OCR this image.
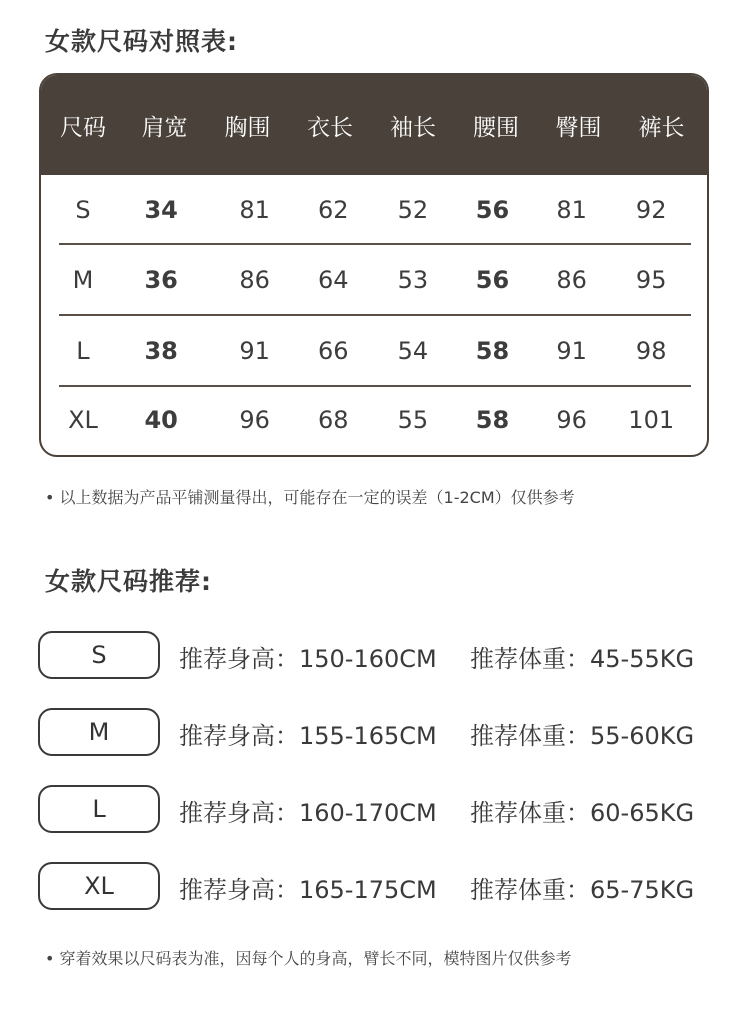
女款尺码对照表:
尺码	肩宽	胸围	衣长	袖长	腰围	臀围	裤长
S	34	81	62	52	56	81	92
M	36	86	64	53	56	86	95
L	38	91	66	54	58	91	98
XL	40	96	68	55	58	96	101
• 以上数据为产品平铺测量得出，可能存在一定的误差（1-2CM）仅供参考
女款尺码推荐:
S	推荐身高：150-160CM 推荐体重：45-55KG
M	推荐身高：155-165CM 推荐体重：55-60KG
L	推荐身高：160-170CM 推荐体重：60-65KG
XL	推荐身高：165-175CM 推荐体重：65-75KG
• 穿着效果以尺码表为准，因每个人的身高，臂长不同，模特图片仅供参考
